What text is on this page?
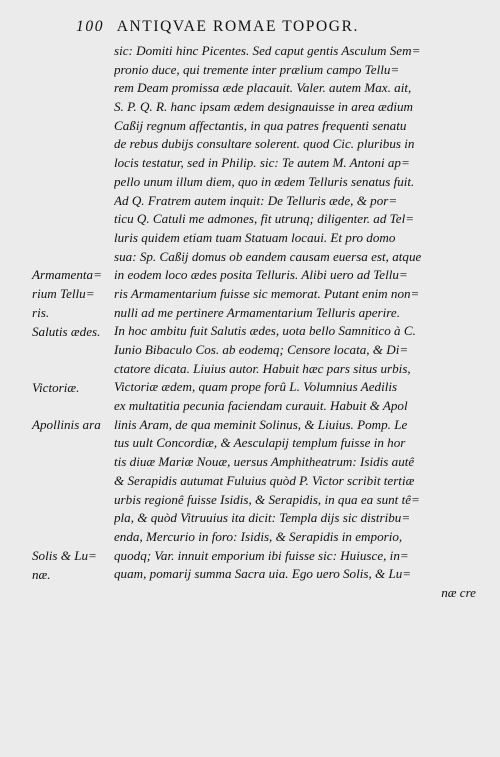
100 ANTIQVAE ROMAE TOPOGR.
Armamenta=
rium Tellu=
ris.
Salutis ædes.
Victoriæ.
Apollinis ara
Solis & Lu=
næ.
sic: Domiti hinc Picentes. Sed caput gentis Asculum Sem=
pronio duce, qui tremente inter prælium campo Tellu=
rem Deam promissa æde placauit. Valer. autem Max. ait,
S. P. Q. R. hanc ipsam ædem designauisse in area ædium
Caßij regnum affectantis, in qua patres frequenti senatu
de rebus dubijs consultare solerent. quod Cic. pluribus in
locis testatur, sed in Philip. sic: Te autem M. Antoni ap=
pello unum illum diem, quo in ædem Telluris senatus fuit.
Ad Q. Fratrem autem inquit: De Telluris æde, & por=
ticu Q. Catuli me admones, fit utrunq; diligenter. ad Tel=
luris quidem etiam tuam Statuam locaui. Et pro domo
sua: Sp. Caßij domus ob eandem causam euersa est, atque
in eodem loco ædes posita Telluris. Alibi uero ad Tellu=
ris Armamentarium fuisse sic memorat. Putant enim non=
nulli ad me pertinere Armamentarium Telluris aperire.
In hoc ambitu fuit Salutis ædes, uota bello Samnitico à C.
Iunio Bibaculo Cos. ab eodemq; Censore locata, & Di=
ctatore dicata. Liuius autor. Habuit hæc pars situs urbis,
Victoriæ ædem, quam prope forû L. Volumnius Aedilis
ex multatitia pecunia faciendam curauit. Habuit & Apol
linis Aram, de qua meminit Solinus, & Liuius. Pomp. Le
tus uult Concordiæ, & Aesculapij templum fuisse in hor
tis diuæ Mariæ Nouæ, uersus Amphitheatrum: Isidis autê
& Serapidis autumat Fuluius quòd P. Victor scribit tertiæ
urbis regionê fuisse Isidis, & Serapidis, in qua ea sunt tê=
pla, & quòd Vitruuius ita dicit: Templa dijs sic distribu=
enda, Mercurio in foro: Isidis, & Serapidis in emporio,
quodq; Var. innuit emporium ibi fuisse sic: Huiusce, in=
quam, pomarij summa Sacra uia. Ego uero Solis, & Lu=
næ cre
